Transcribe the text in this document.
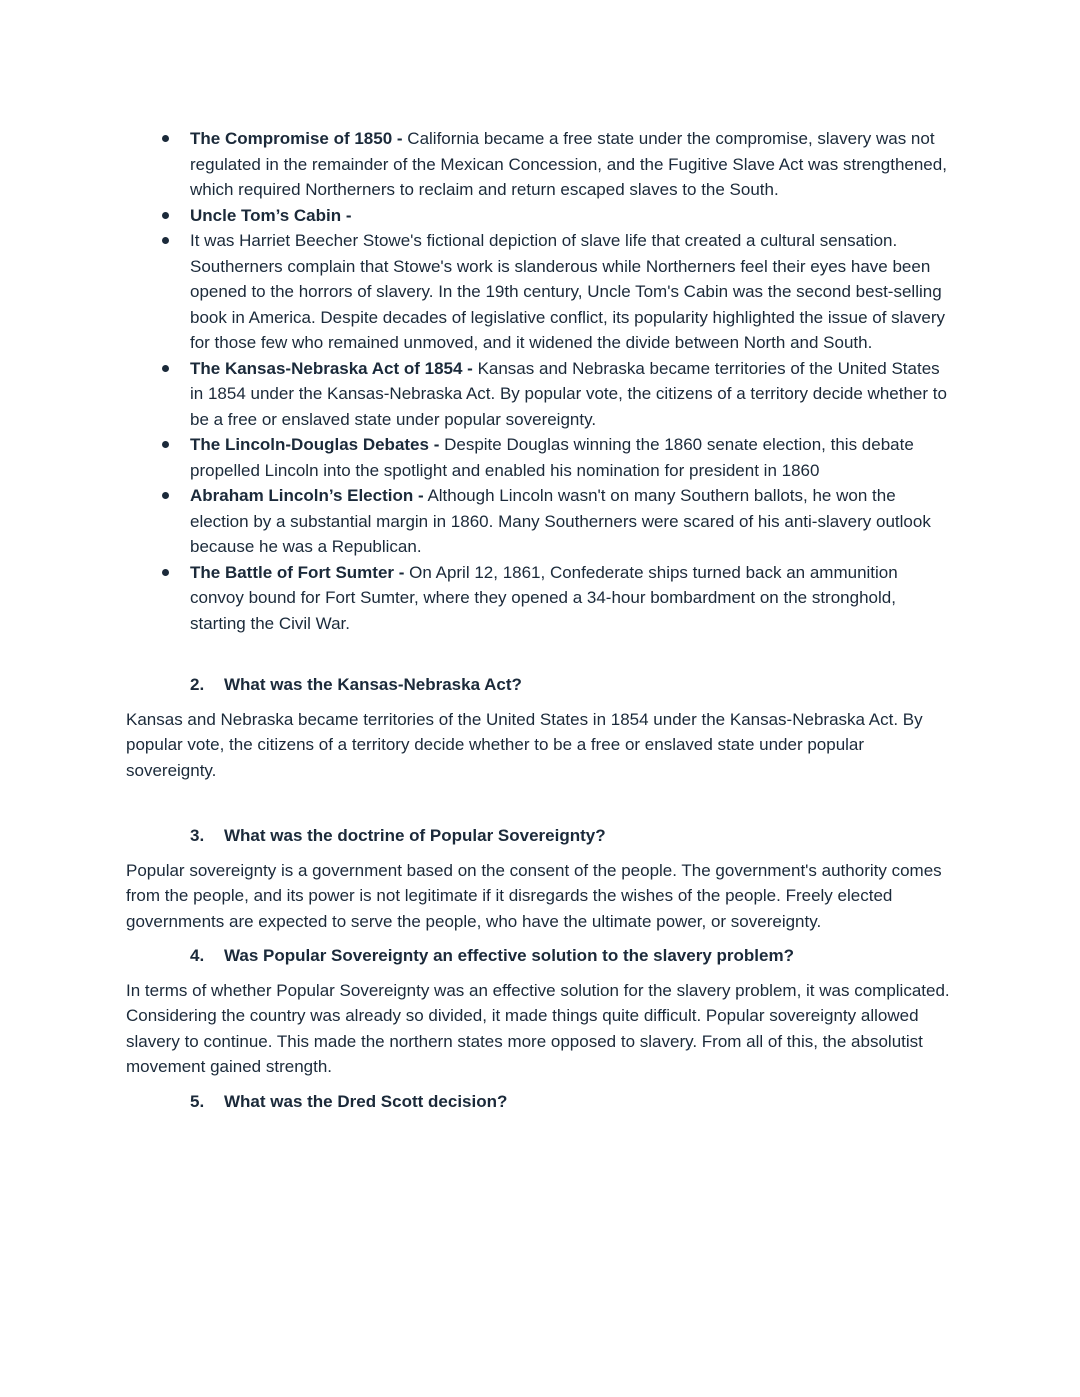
The Compromise of 1850 - California became a free state under the compromise, slavery was not regulated in the remainder of the Mexican Concession, and the Fugitive Slave Act was strengthened, which required Northerners to reclaim and return escaped slaves to the South.
Uncle Tom’s Cabin -
It was Harriet Beecher Stowe's fictional depiction of slave life that created a cultural sensation. Southerners complain that Stowe's work is slanderous while Northerners feel their eyes have been opened to the horrors of slavery. In the 19th century, Uncle Tom's Cabin was the second best-selling book in America. Despite decades of legislative conflict, its popularity highlighted the issue of slavery for those few who remained unmoved, and it widened the divide between North and South.
The Kansas-Nebraska Act of 1854 - Kansas and Nebraska became territories of the United States in 1854 under the Kansas-Nebraska Act. By popular vote, the citizens of a territory decide whether to be a free or enslaved state under popular sovereignty.
The Lincoln-Douglas Debates - Despite Douglas winning the 1860 senate election, this debate propelled Lincoln into the spotlight and enabled his nomination for president in 1860
Abraham Lincoln’s Election - Although Lincoln wasn't on many Southern ballots, he won the election by a substantial margin in 1860. Many Southerners were scared of his anti-slavery outlook because he was a Republican.
The Battle of Fort Sumter - On April 12, 1861, Confederate ships turned back an ammunition convoy bound for Fort Sumter, where they opened a 34-hour bombardment on the stronghold, starting the Civil War.
2. What was the Kansas-Nebraska Act?

Kansas and Nebraska became territories of the United States in 1854 under the Kansas-Nebraska Act. By popular vote, the citizens of a territory decide whether to be a free or enslaved state under popular sovereignty.

3. What was the doctrine of Popular Sovereignty?

Popular sovereignty is a government based on the consent of the people. The government's authority comes from the people, and its power is not legitimate if it disregards the wishes of the people. Freely elected governments are expected to serve the people, who have the ultimate power, or sovereignty.

4. Was Popular Sovereignty an effective solution to the slavery problem?

In terms of whether Popular Sovereignty was an effective solution for the slavery problem, it was complicated. Considering the country was already so divided, it made things quite difficult. Popular sovereignty allowed slavery to continue. This made the northern states more opposed to slavery. From all of this, the absolutist movement gained strength.

5. What was the Dred Scott decision?
